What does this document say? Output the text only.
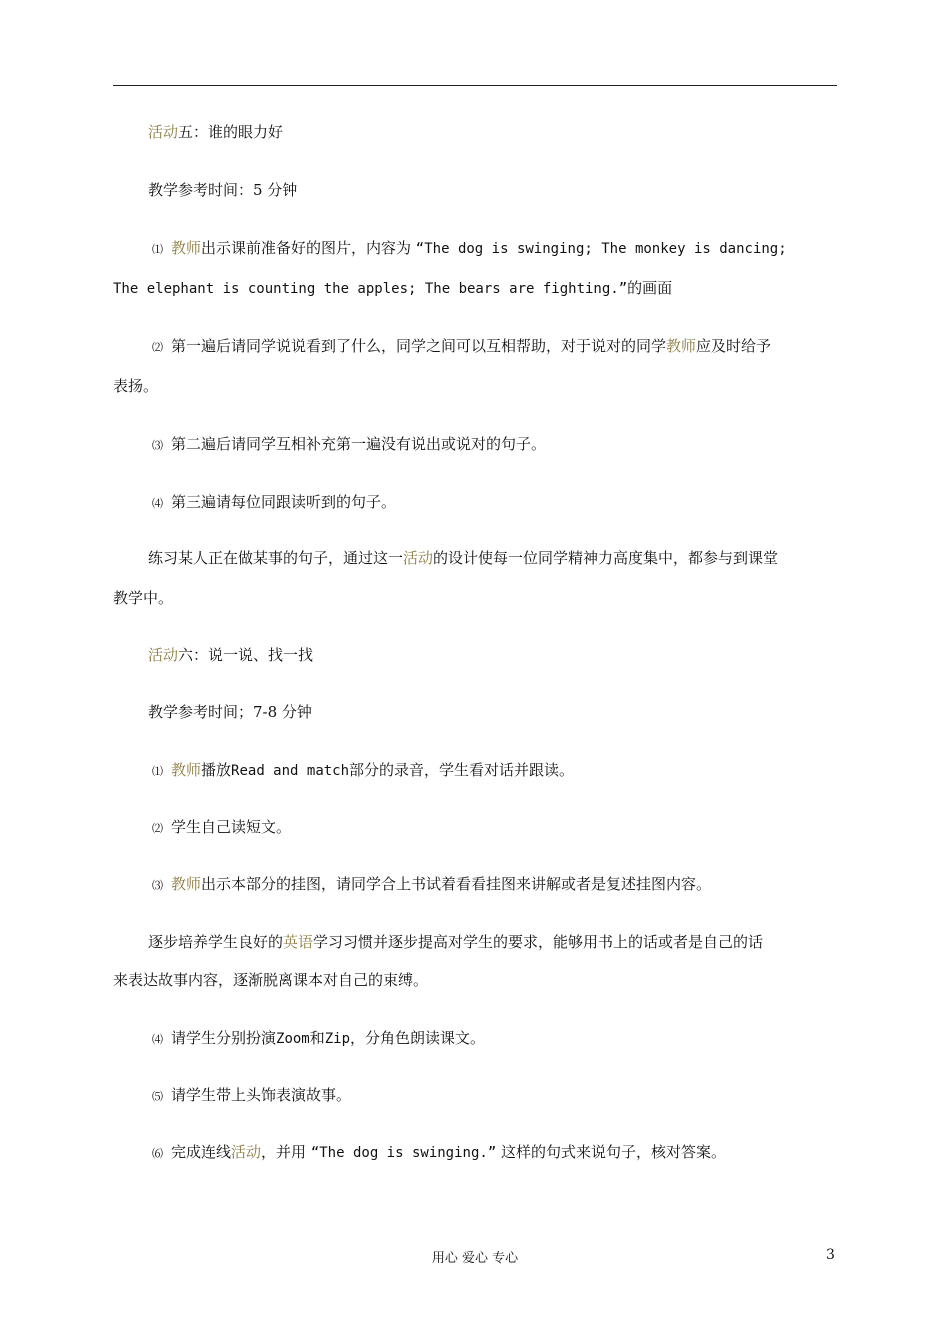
活动五：谁的眼力好
教学参考时间：5 分钟
⑴ 教师出示课前准备好的图片，内容为 “The dog is swinging; The monkey is dancing;
The elephant is counting the apples; The bears are fighting.”的画面
⑵ 第一遍后请同学说说看到了什么，同学之间可以互相帮助，对于说对的同学教师应及时给予
表扬。
⑶ 第二遍后请同学互相补充第一遍没有说出或说对的句子。
⑷ 第三遍请每位同跟读听到的句子。
练习某人正在做某事的句子，通过这一活动的设计使每一位同学精神力高度集中，都参与到课堂
教学中。
活动六：说一说、找一找
教学参考时间；7-8 分钟
⑴ 教师播放Read and match部分的录音，学生看对话并跟读。
⑵ 学生自己读短文。
⑶ 教师出示本部分的挂图，请同学合上书试着看看挂图来讲解或者是复述挂图内容。
逐步培养学生良好的英语学习习惯并逐步提高对学生的要求，能够用书上的话或者是自己的话
来表达故事内容，逐渐脱离课本对自己的束缚。
⑷ 请学生分别扮演Zoom和Zip，分角色朗读课文。
⑸ 请学生带上头饰表演故事。
⑹ 完成连线活动，并用 “The dog is swinging.” 这样的句式来说句子，核对答案。
用心 爱心 专心	3
